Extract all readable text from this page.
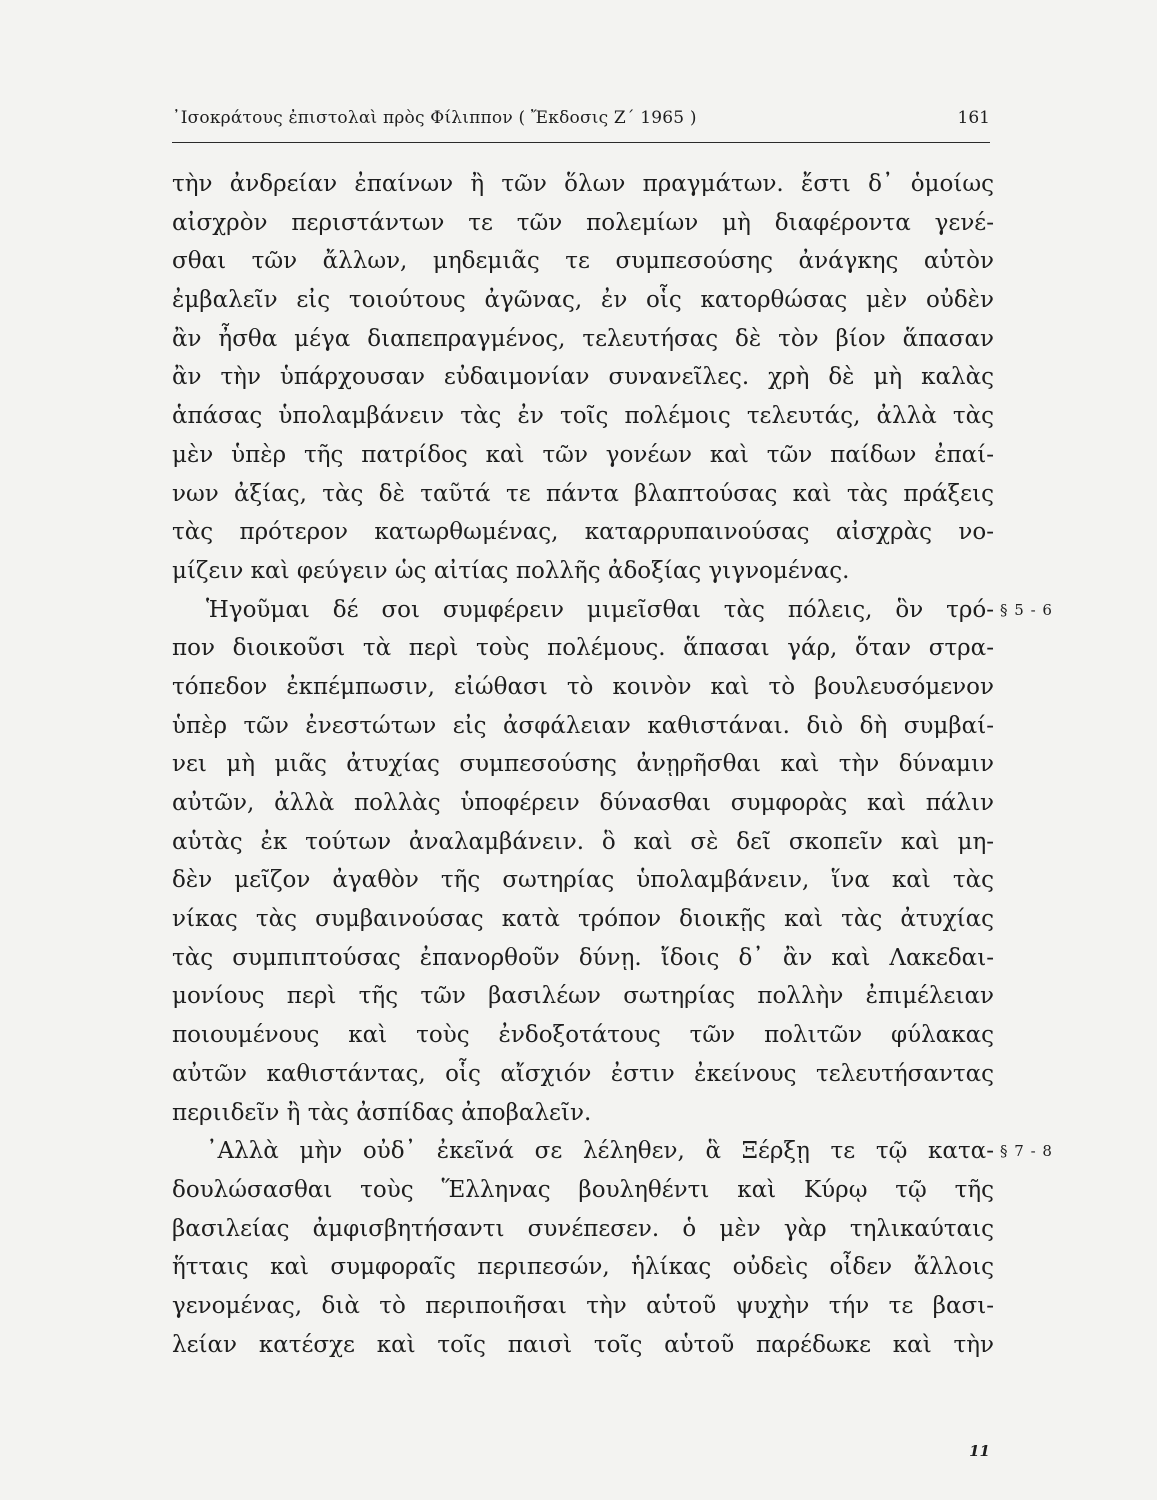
᾿Ισοκράτους ἐπιστολαὶ πρὸς Φίλιππον ( Ἔκδοσις Ζ΄ 1965 )	161
τὴν ἀνδρείαν ἐπαίνων ἢ τῶν ὅλων πραγμάτων. ἔστι δ᾽ ὁμοίως
αἰσχρὸν περιστάντων τε τῶν πολεμίων μὴ διαφέροντα γενέ-
σθαι τῶν ἄλλων, μηδεμιᾶς τε συμπεσούσης ἀνάγκης αὑτὸν
ἐμβαλεῖν εἰς τοιούτους ἀγῶνας, ἐν οἷς κατορθώσας μὲν οὐδὲν
ἂν ἦσθα μέγα διαπεπραγμένος, τελευτήσας δὲ τὸν βίον ἅπασαν
ἂν τὴν ὑπάρχουσαν εὐδαιμονίαν συνανεῖλες. χρὴ δὲ μὴ καλὰς
ἁπάσας ὑπολαμβάνειν τὰς ἐν τοῖς πολέμοις τελευτάς, ἀλλὰ τὰς
μὲν ὑπὲρ τῆς πατρίδος καὶ τῶν γονέων καὶ τῶν παίδων ἐπαί-
νων ἀξίας, τὰς δὲ ταῦτά τε πάντα βλαπτούσας καὶ τὰς πράξεις
τὰς πρότερον κατωρθωμένας, καταρρυπαινούσας αἰσχρὰς νο-
μίζειν καὶ φεύγειν ὡς αἰτίας πολλῆς ἀδοξίας γιγνομένας.
Ἡγοῦμαι δέ σοι συμφέρειν μιμεῖσθαι τὰς πόλεις, ὃν τρό- § 5 - 6
πον διοικοῦσι τὰ περὶ τοὺς πολέμους. ἅπασαι γάρ, ὅταν στρα-
τόπεδον ἐκπέμπωσιν, εἰώθασι τὸ κοινὸν καὶ τὸ βουλευσόμενον
ὑπὲρ τῶν ἐνεστώτων εἰς ἀσφάλειαν καθιστάναι. διὸ δὴ συμβαί-
νει μὴ μιᾶς ἀτυχίας συμπεσούσης ἀνῃρῆσθαι καὶ τὴν δύναμιν
αὐτῶν, ἀλλὰ πολλὰς ὑποφέρειν δύνασθαι συμφορὰς καὶ πάλιν
αὑτὰς ἐκ τούτων ἀναλαμβάνειν. ὃ καὶ σὲ δεῖ σκοπεῖν καὶ μη-
δὲν μεῖζον ἀγαθὸν τῆς σωτηρίας ὑπολαμβάνειν, ἵνα καὶ τὰς
νίκας τὰς συμβαινούσας κατὰ τρόπον διοικῇς καὶ τὰς ἀτυχίας
τὰς συμπιπτούσας ἐπανορθοῦν δύνῃ. ἴδοις δ᾽ ἂν καὶ Λακεδαι-
μονίους περὶ τῆς τῶν βασιλέων σωτηρίας πολλὴν ἐπιμέλειαν
ποιουμένους καὶ τοὺς ἐνδοξοτάτους τῶν πολιτῶν φύλακας
αὐτῶν καθιστάντας, οἷς αἴσχιόν ἐστιν ἐκείνους τελευτήσαντας
περιιδεῖν ἢ τὰς ἀσπίδας ἀποβαλεῖν.
᾿Αλλὰ μὴν οὐδ᾽ ἐκεῖνά σε λέληθεν, ἃ Ξέρξῃ τε τῷ κατα- § 7 - 8
δουλώσασθαι τοὺς Ἕλληνας βουληθέντι καὶ Κύρῳ τῷ τῆς
βασιλείας ἀμφισβητήσαντι συνέπεσεν. ὁ μὲν γὰρ τηλικαύταις
ἥτταις καὶ συμφοραῖς περιπεσών, ἡλίκας οὐδεὶς οἶδεν ἄλλοις
γενομένας, διὰ τὸ περιποιῆσαι τὴν αὑτοῦ ψυχὴν τήν τε βασι-
λείαν κατέσχε καὶ τοῖς παισὶ τοῖς αὑτοῦ παρέδωκε καὶ τὴν
11
